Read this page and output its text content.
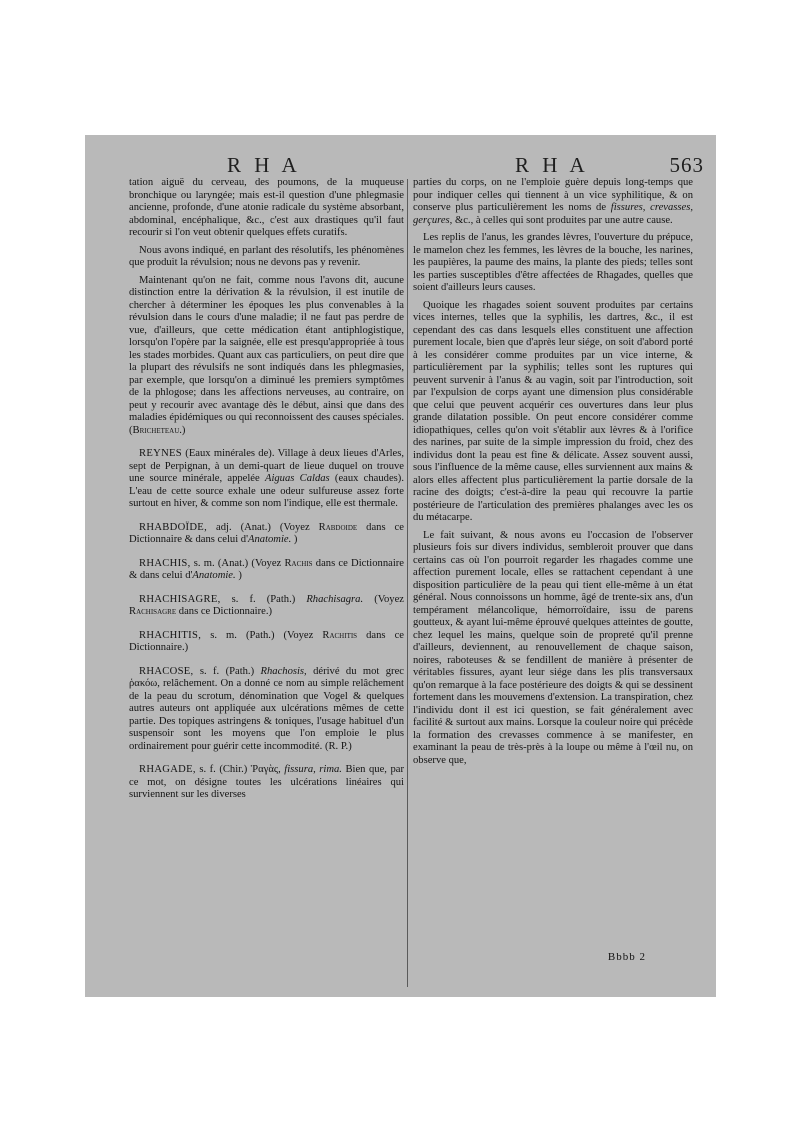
R H A	R H A	563

tation aiguë du cerveau, des poumons, de la muqueuse bronchique ou laryngée; mais est-il question d'une phlegmasie ancienne, profonde, d'une atonie radicale du système absorbant, abdominal, encéphalique, &c., c'est aux drastiques qu'il faut recourir si l'on veut obtenir quelques effets curatifs.

Nous avons indiqué, en parlant des résolutifs, les phénomènes que produit la révulsion; nous ne devons pas y revenir.

Maintenant qu'on ne fait, comme nous l'avons dit, aucune distinction entre la dérivation & la révulsion, il est inutile de chercher à déterminer les époques les plus convenables à la révulsion dans le cours d'une maladie; il ne faut pas perdre de vue, d'ailleurs, que cette médication étant antiphlogistique, lorsqu'on l'opère par la saignée, elle est presqu'appropriée à tous les stades morbides. Quant aux cas particuliers, on peut dire que la plupart des révulsifs ne sont indiqués dans les phlegmasies, par exemple, que lorsqu'on a diminué les premiers symptômes de la phlogose; dans les affections nerveuses, au contraire, on peut y recourir avec avantage dès le début, ainsi que dans des maladies épidémiques ou qui reconnoissent des causes spéciales. (Bricheteau.)

REYNES (Eaux minérales de). Village à deux lieues d'Arles, sept de Perpignan, à un demi-quart de lieue duquel on trouve une source minérale, appelée Aiguas Caldas (eaux chaudes). L'eau de cette source exhale une odeur sulfureuse assez forte surtout en hiver, & comme son nom l'indique, elle est thermale.

RHABDOÏDE, adj. (Anat.) (Voyez Rabdoide dans ce Dictionnaire & dans celui d'Anatomie. )

RHACHIS, s. m. (Anat.) (Voyez Rachis dans ce Dictionnaire & dans celui d'Anatomie. )

RHACHISAGRE, s. f. (Path.) Rhachisagra. (Voyez Rachisagre dans ce Dictionnaire.)

RHACHITIS, s. m. (Path.) (Voyez Rachitis dans ce Dictionnaire.)

RHACOSE, s. f. (Path.) Rhachosis, dérivé du mot grec ῥακόω, relâchement. On a donné ce nom au simple relâchement de la peau du scrotum, dénomination que Vogel & quelques autres auteurs ont appliquée aux ulcérations mêmes de cette partie. Des topiques astringens & toniques, l'usage habituel d'un suspensoir sont les moyens que l'on emploie le plus ordinairement pour guérir cette incommodité. (R. P.)

RHAGADE, s. f. (Chir.) Ῥαγὰς, fissura, rima. Bien que, par ce mot, on désigne toutes les ulcérations linéaires qui surviennent sur les diverses

parties du corps, on ne l'emploie guère depuis long-temps que pour indiquer celles qui tiennent à un vice syphilitique, & on conserve plus particulièrement les noms de fissures, crevasses, gerçures, &c., à celles qui sont produites par une autre cause.

Les replis de l'anus, les grandes lèvres, l'ouverture du prépuce, le mamelon chez les femmes, les lèvres de la bouche, les narines, les paupières, la paume des mains, la plante des pieds; telles sont les parties susceptibles d'être affectées de Rhagades, quelles que soient d'ailleurs leurs causes.

Quoique les rhagades soient souvent produites par certains vices internes, telles que la syphilis, les dartres, &c., il est cependant des cas dans lesquels elles constituent une affection purement locale, bien que d'après leur siége, on soit d'abord porté à les considérer comme produites par un vice interne, & particulièrement par la syphilis; telles sont les ruptures qui peuvent survenir à l'anus & au vagin, soit par l'introduction, soit par l'expulsion de corps ayant une dimension plus considérable que celui que peuvent acquérir ces ouvertures dans leur plus grande dilatation possible. On peut encore considérer comme idiopathiques, celles qu'on voit s'établir aux lèvres & à l'orifice des narines, par suite de la simple impression du froid, chez des individus dont la peau est fine & délicate. Assez souvent aussi, sous l'influence de la même cause, elles surviennent aux mains & alors elles affectent plus particulièrement la partie dorsale de la racine des doigts; c'est-à-dire la peau qui recouvre la partie postérieure de l'articulation des premières phalanges avec les os du métacarpe.

Le fait suivant, & nous avons eu l'occasion de l'observer plusieurs fois sur divers individus, sembleroit prouver que dans certains cas où l'on pourroit regarder les rhagades comme une affection purement locale, elles se rattachent cependant à une disposition particulière de la peau qui tient elle-même à un état général. Nous connoissons un homme, âgé de trente-six ans, d'un tempérament mélancolique, hémorroïdaire, issu de parens goutteux, & ayant lui-même éprouvé quelques atteintes de goutte, chez lequel les mains, quelque soin de propreté qu'il prenne d'ailleurs, deviennent, au renouvellement de chaque saison, noires, raboteuses & se fendillent de manière à présenter de véritables fissures, ayant leur siége dans les plis transversaux qu'on remarque à la face postérieure des doigts & qui se dessinent fortement dans les mouvemens d'extension. La transpiration, chez l'individu dont il est ici question, se fait généralement avec facilité & surtout aux mains. Lorsque la couleur noire qui précède la formation des crevasses commence à se manifester, en examinant la peau de très-près à la loupe ou même à l'œil nu, on observe que,

Bbbb 2
